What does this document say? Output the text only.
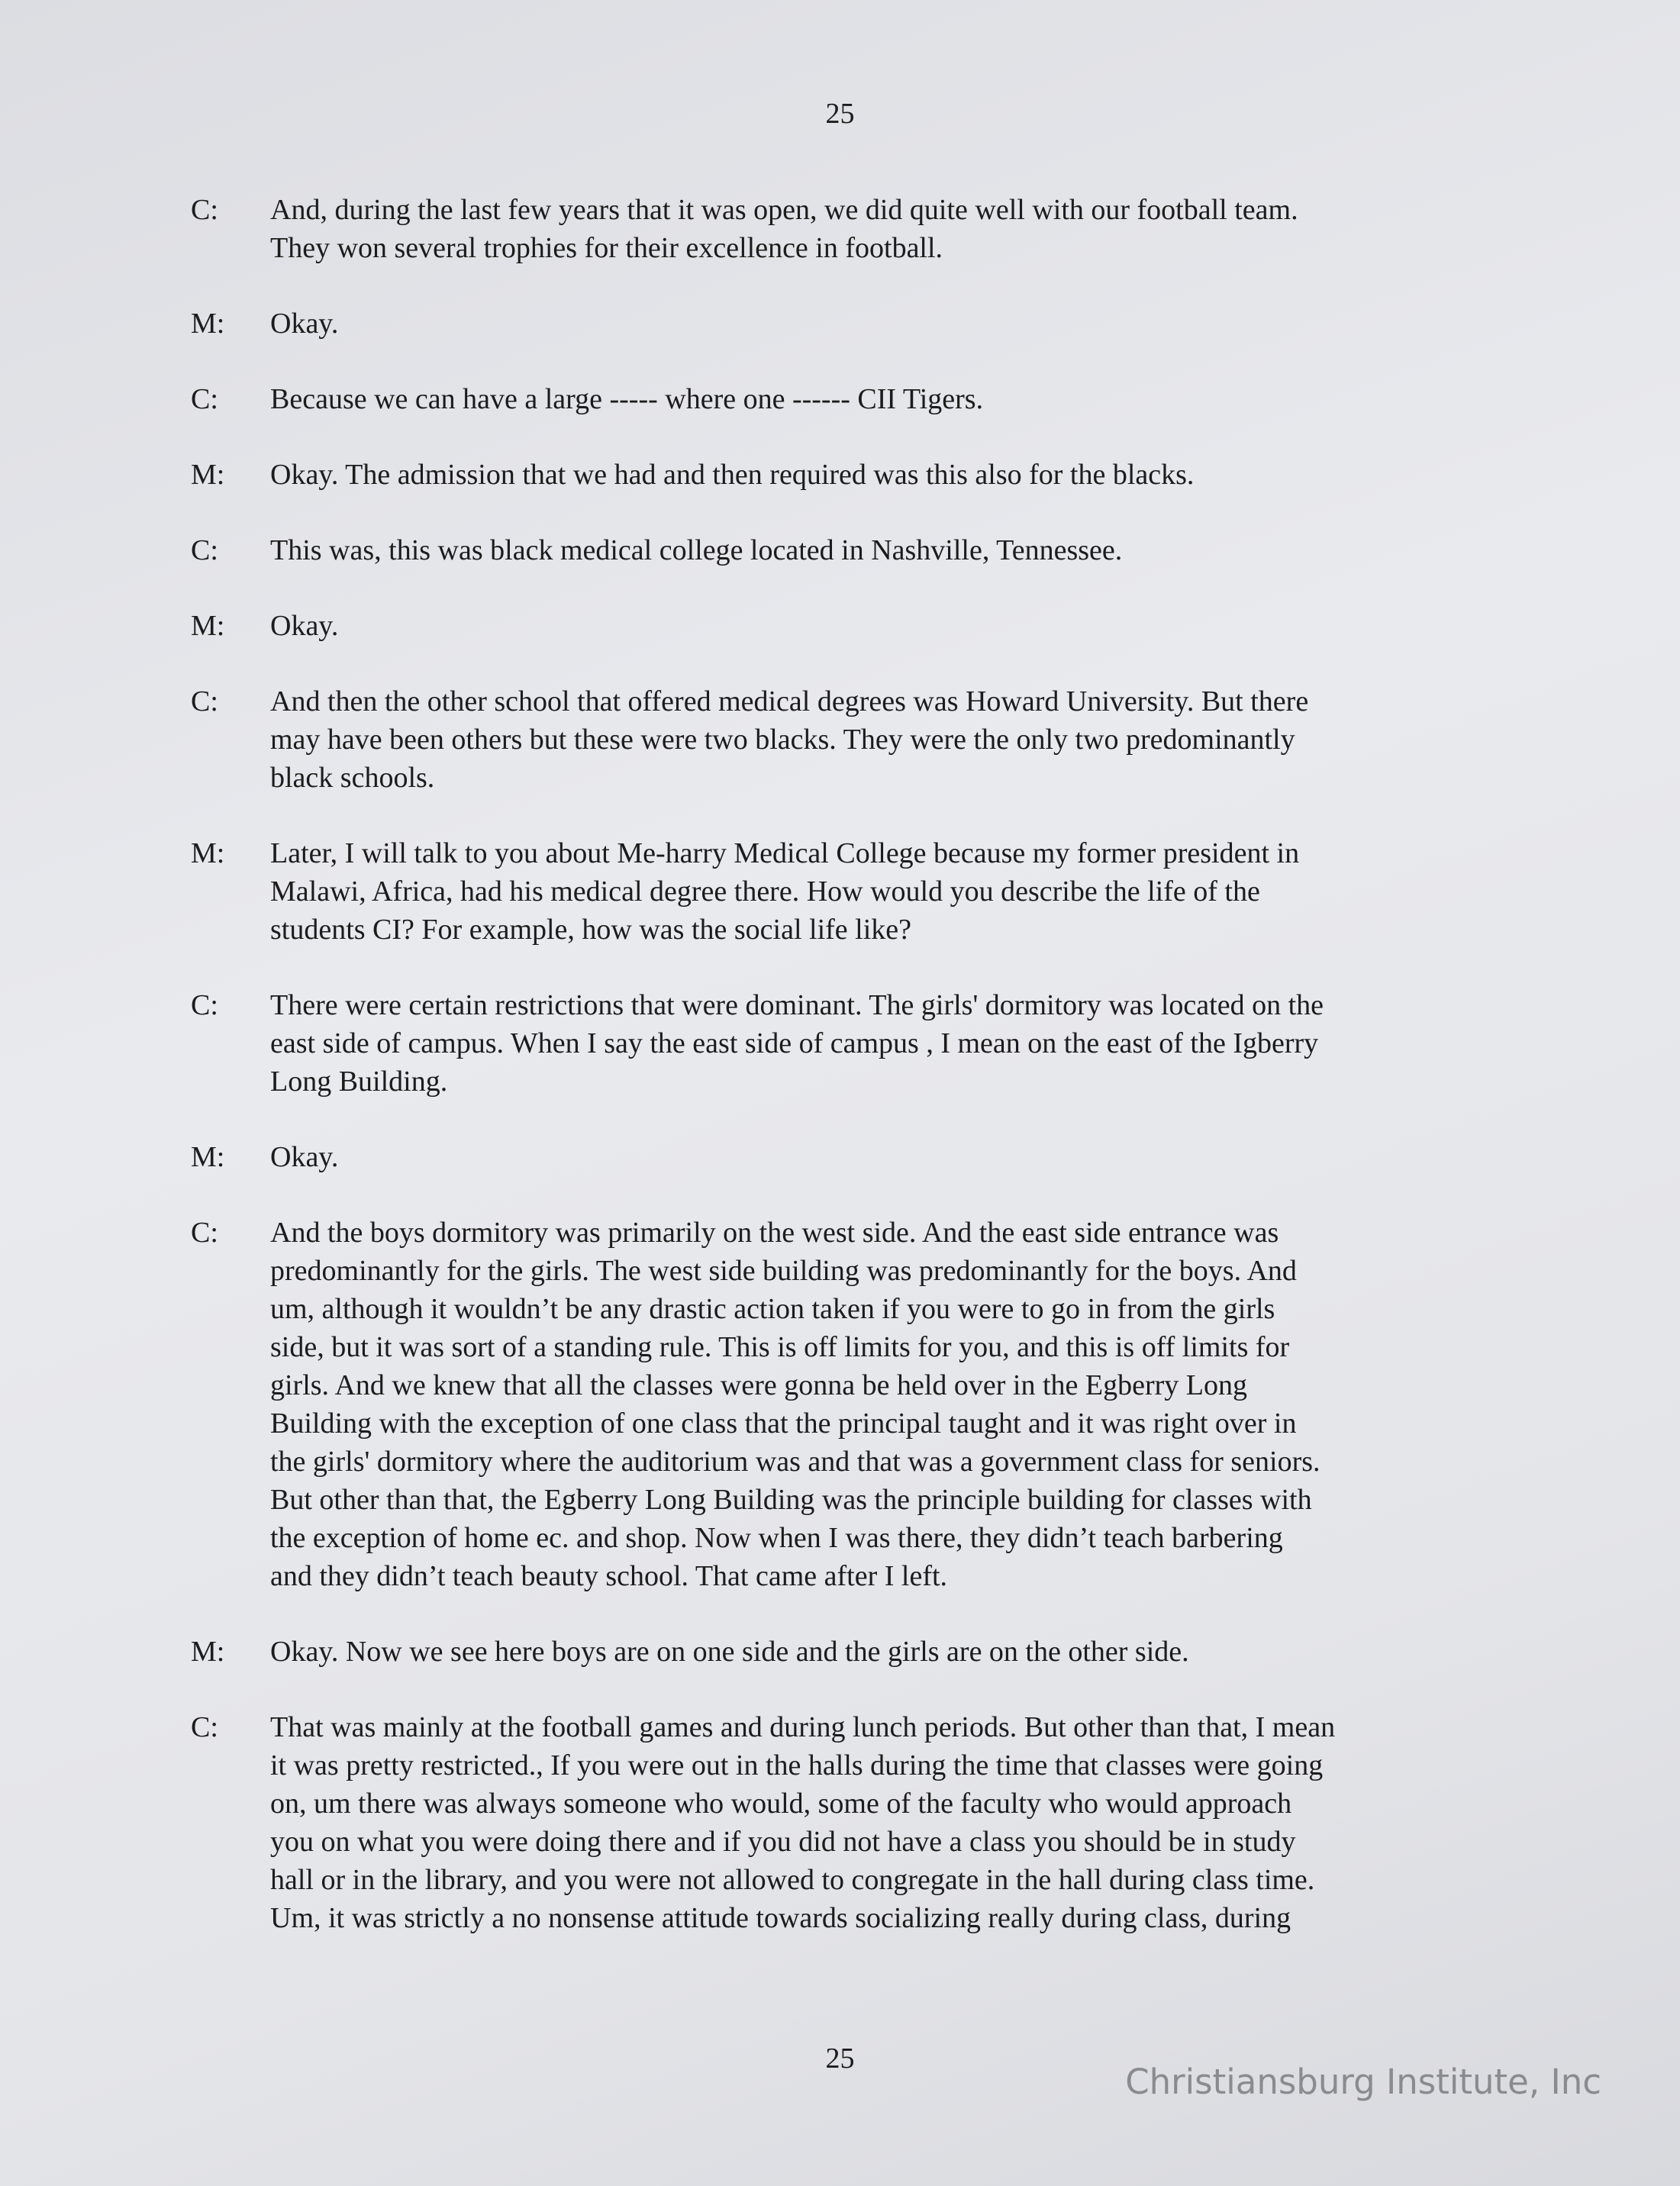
25
C:	And, during the last few years that it was open, we did quite well with our football team.
They won several trophies for their excellence in football.
M:	Okay.
C:	Because we can have a large ----- where one ------ CII Tigers.
M:	Okay. The admission that we had and then required was this also for the blacks.
C:	This was, this was black medical college located in Nashville, Tennessee.
M:	Okay.
C:	And then the other school that offered medical degrees was Howard University. But there
may have been others but these were two blacks. They were the only two predominantly
black schools.
M:	Later, I will talk to you about Me-harry Medical College because my former president in
Malawi, Africa, had his medical degree there. How would you describe the life of the
students CI? For example, how was the social life like?
C:	There were certain restrictions that were dominant. The girls' dormitory was located on the
east side of campus. When I say the east side of campus , I mean on the east of the Igberry
Long Building.
M:	Okay.
C:	And the boys dormitory was primarily on the west side. And the east side entrance was
predominantly for the girls. The west side building was predominantly for the boys. And
um, although it wouldn’t be any drastic action taken if you were to go in from the girls
side, but it was sort of a standing rule. This is off limits for you, and this is off limits for
girls. And we knew that all the classes were gonna be held over in the Egberry Long
Building with the exception of one class that the principal taught and it was right over in
the girls' dormitory where the auditorium was and that was a government class for seniors.
But other than that, the Egberry Long Building was the principle building for classes with
the exception of home ec. and shop. Now when I was there, they didn’t teach barbering
and they didn’t teach beauty school. That came after I left.
M:	Okay. Now we see here boys are on one side and the girls are on the other side.
C:	That was mainly at the football games and during lunch periods. But other than that, I mean
it was pretty restricted., If you were out in the halls during the time that classes were going
on, um there was always someone who would, some of the faculty who would approach
you on what you were doing there and if you did not have a class you should be in study
hall or in the library, and you were not allowed to congregate in the hall during class time.
Um, it was strictly a no nonsense attitude towards socializing really during class, during
25
Christiansburg Institute, Inc
